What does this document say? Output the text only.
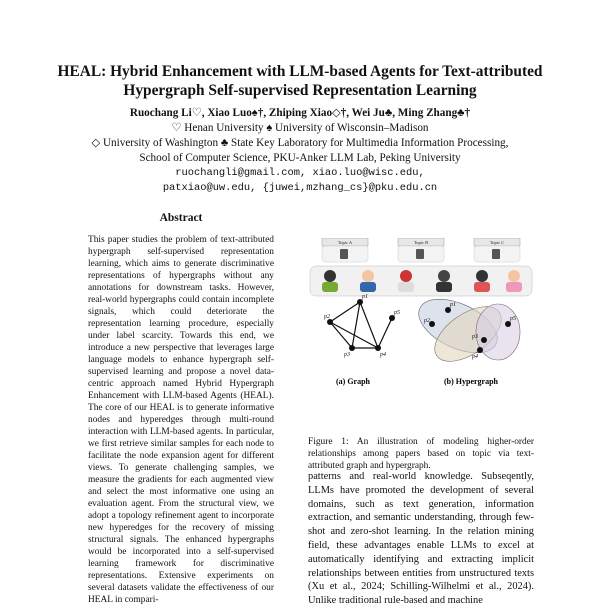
HEAL: Hybrid Enhancement with LLM-based Agents for Text-attributed
Hypergraph Self-supervised Representation Learning
Ruochang Li♡, Xiao Luo♠†, Zhiping Xiao◇†, Wei Ju♣, Ming Zhang♣†
♡ Henan University ♠ University of Wisconsin–Madison
◇ University of Washington ♣ State Key Laboratory for Multimedia Information Processing,
School of Computer Science, PKU-Anker LLM Lab, Peking University
ruochangli@gmail.com, xiao.luo@wisc.edu,
patxiao@uw.edu, {juwei,mzhang_cs}@pku.edu.cn
Abstract

This paper studies the problem of text-attributed hypergraph self-supervised representation learning, which aims to generate discriminative representations of hypergraphs without any annotations for downstream tasks. However, real-world hypergraphs could contain incomplete signals, which could deteriorate the representation learning procedure, especially under label scarcity. Towards this end, we introduce a new perspective that leverages large language models to enhance hypergraph self-supervised learning and propose a novel data-centric approach named Hybrid Hypergraph Enhancement with LLM-based Agents (HEAL). The core of our HEAL is to generate informative nodes and hyperedges through multi-round interaction with LLM-based agents. In particular, we first retrieve similar samples for each node to facilitate the node expansion agent for different views. To generate challenging samples, we measure the gradients for each augmented view and select the most informative one using an evaluation agent. From the structural view, we adopt a topology refinement agent to incorporate new hyperedges for the recovery of missing structural signals. The enhanced hypergraphs would be incorporated into a self-supervised learning framework for discriminative representations. Extensive experiments on several datasets validate the effectiveness of our HEAL in compari-

Topic A	Topic B	Topic C
p1
p2
p3	p4
p5
p1
p2
p3
p4
p5
(a) Graph	(b) Hypergraph
Figure 1: An illustration of modeling higher-order relationships among papers based on topic via text-attributed graph and hypergraph.

patterns and real-world knowledge. Subseqently, LLMs have promoted the development of several domains, such as text generation, information extraction, and semantic understanding, through few-shot and zero-shot learning. In the relation mining field, these advantages enable LLMs to excel at automatically identifying and extracting implicit relationships between entities from unstructured texts (Xu et al., 2024; Schilling-Wilhelmi et al., 2024). Unlike traditional rule-based and machine
